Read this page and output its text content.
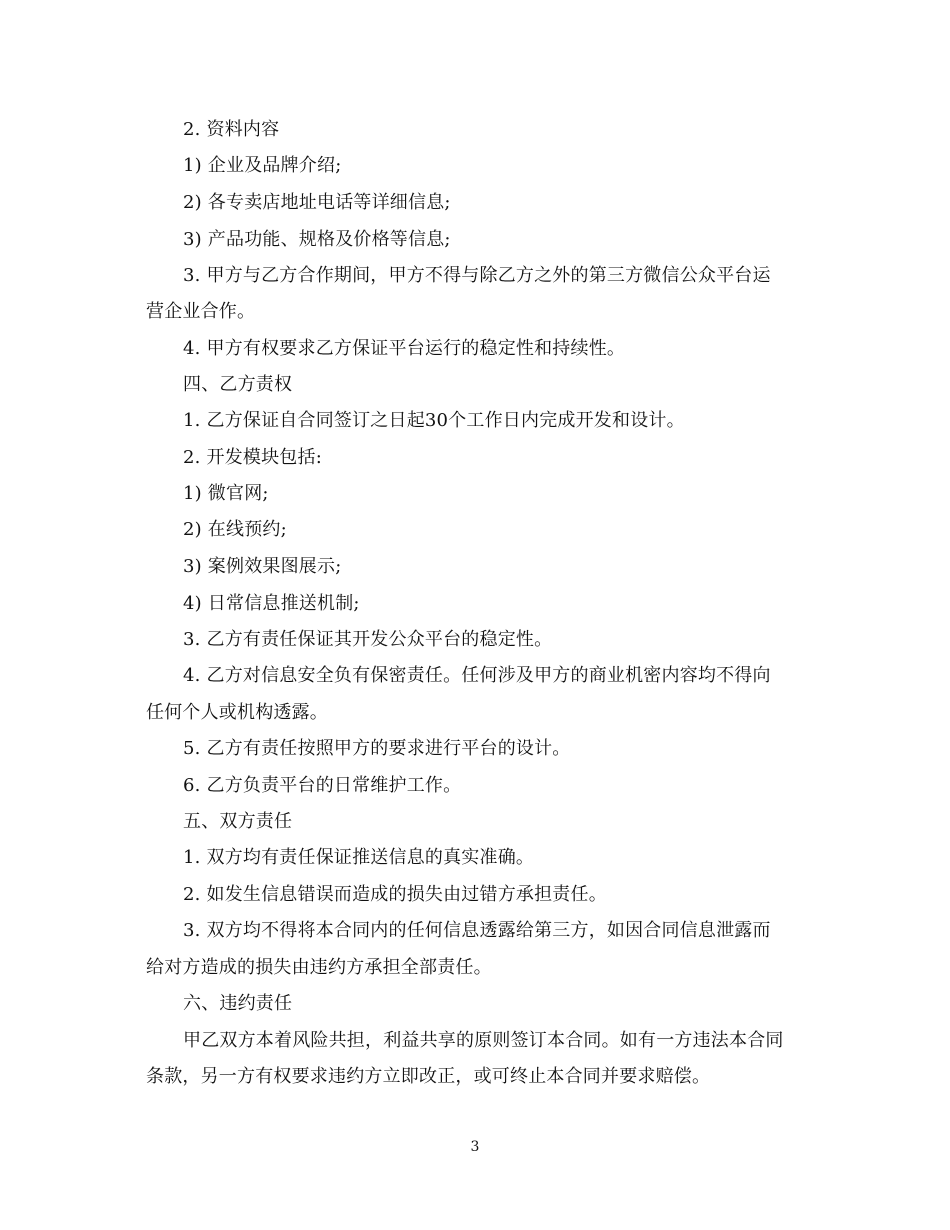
2. 资料内容
1) 企业及品牌介绍;
2) 各专卖店地址电话等详细信息;
3) 产品功能、规格及价格等信息;
3. 甲方与乙方合作期间，甲方不得与除乙方之外的第三方微信公众平台运
营企业合作。
4. 甲方有权要求乙方保证平台运行的稳定性和持续性。
四、乙方责权
1. 乙方保证自合同签订之日起30个工作日内完成开发和设计。
2. 开发模块包括:
1) 微官网;
2) 在线预约;
3) 案例效果图展示;
4) 日常信息推送机制;
3. 乙方有责任保证其开发公众平台的稳定性。
4. 乙方对信息安全负有保密责任。任何涉及甲方的商业机密内容均不得向
任何个人或机构透露。
5. 乙方有责任按照甲方的要求进行平台的设计。
6. 乙方负责平台的日常维护工作。
五、双方责任
1. 双方均有责任保证推送信息的真实准确。
2. 如发生信息错误而造成的损失由过错方承担责任。
3. 双方均不得将本合同内的任何信息透露给第三方，如因合同信息泄露而
给对方造成的损失由违约方承担全部责任。
六、违约责任
甲乙双方本着风险共担，利益共享的原则签订本合同。如有一方违法本合同
条款，另一方有权要求违约方立即改正，或可终止本合同并要求赔偿。
3
